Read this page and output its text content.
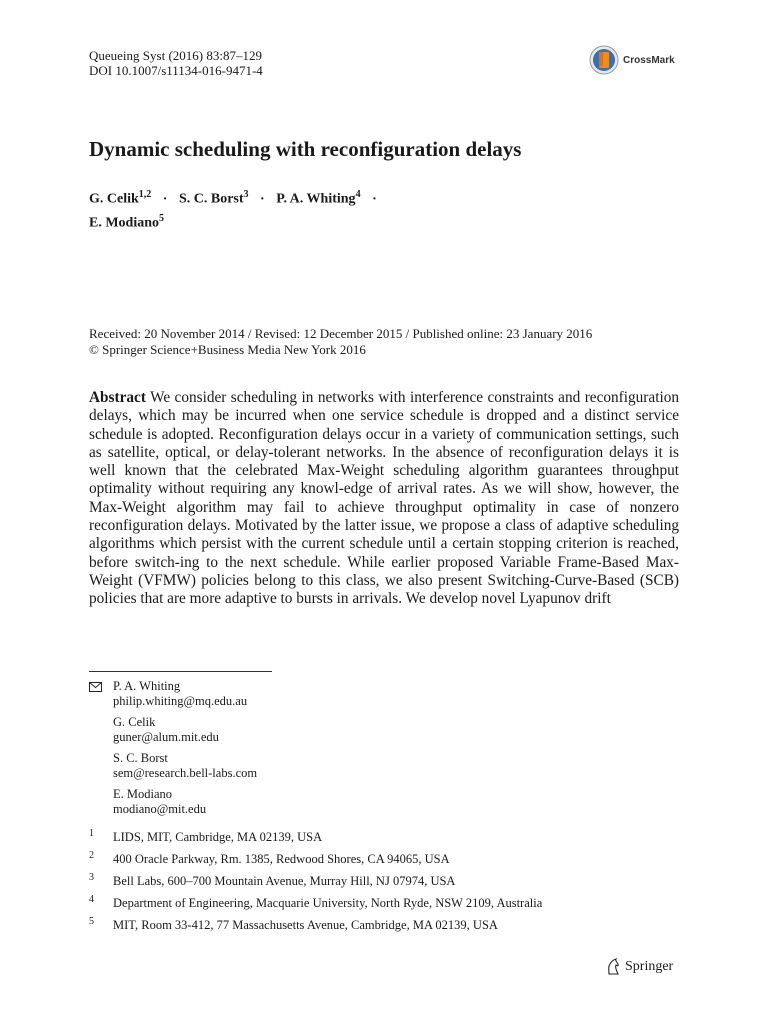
Queueing Syst (2016) 83:87–129
DOI 10.1007/s11134-016-9471-4
CrossMark
Dynamic scheduling with reconfiguration delays
G. Celik$^{1,2}$ · S. C. Borst$^3$ · P. A. Whiting$^4$ ·
E. Modiano$^5$
Received: 20 November 2014 / Revised: 12 December 2015 / Published online: 23 January 2016
© Springer Science+Business Media New York 2016
Abstract We consider scheduling in networks with interference constraints and reconfiguration delays, which may be incurred when one service schedule is dropped and a distinct service schedule is adopted. Reconfiguration delays occur in a variety of communication settings, such as satellite, optical, or delay-tolerant networks. In the absence of reconfiguration delays it is well known that the celebrated Max-Weight scheduling algorithm guarantees throughput optimality without requiring any knowl-edge of arrival rates. As we will show, however, the Max-Weight algorithm may fail to achieve throughput optimality in case of nonzero reconfiguration delays. Motivated by the latter issue, we propose a class of adaptive scheduling algorithms which persist with the current schedule until a certain stopping criterion is reached, before switch-ing to the next schedule. While earlier proposed Variable Frame-Based Max-Weight (VFMW) policies belong to this class, we also present Switching-Curve-Based (SCB) policies that are more adaptive to bursts in arrivals. We develop novel Lyapunov drift
P. A. Whiting
philip.whiting@mq.edu.au
G. Celik
guner@alum.mit.edu
S. C. Borst
sem@research.bell-labs.com
E. Modiano
modiano@mit.edu
1 LIDS, MIT, Cambridge, MA 02139, USA
2 400 Oracle Parkway, Rm. 1385, Redwood Shores, CA 94065, USA
3 Bell Labs, 600–700 Mountain Avenue, Murray Hill, NJ 07974, USA
4 Department of Engineering, Macquarie University, North Ryde, NSW 2109, Australia
5 MIT, Room 33-412, 77 Massachusetts Avenue, Cambridge, MA 02139, USA
Springer
